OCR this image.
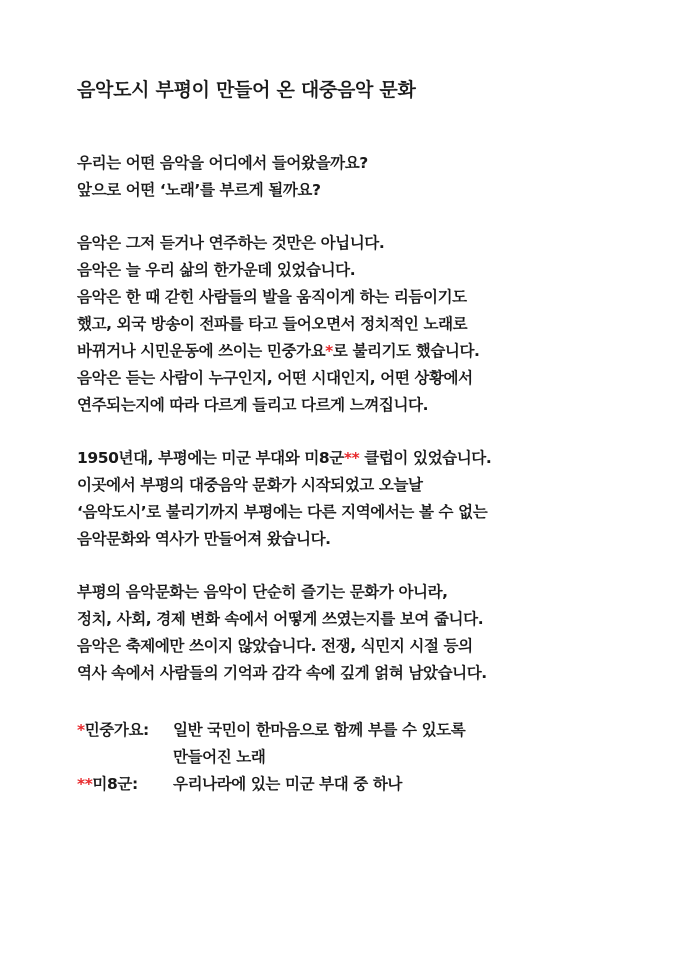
음악도시 부평이 만들어 온 대중음악 문화
우리는 어떤 음악을 어디에서 들어왔을까요?
앞으로 어떤 ‘노래’를 부르게 될까요?
음악은 그저 듣거나 연주하는 것만은 아닙니다.
음악은 늘 우리 삶의 한가운데 있었습니다.
음악은 한 때 갇힌 사람들의 발을 움직이게 하는 리듬이기도
했고, 외국 방송이 전파를 타고 들어오면서 정치적인 노래로
바뀌거나 시민운동에 쓰이는 민중가요*로 불리기도 했습니다.
음악은 듣는 사람이 누구인지, 어떤 시대인지, 어떤 상황에서
연주되는지에 따라 다르게 들리고 다르게 느껴집니다.
1950년대, 부평에는 미군 부대와 미8군** 클럽이 있었습니다.
이곳에서 부평의 대중음악 문화가 시작되었고 오늘날
‘음악도시’로 불리기까지 부평에는 다른 지역에서는 볼 수 없는
음악문화와 역사가 만들어져 왔습니다.
부평의 음악문화는 음악이 단순히 즐기는 문화가 아니라,
정치, 사회, 경제 변화 속에서 어떻게 쓰였는지를 보여 줍니다.
음악은 축제에만 쓰이지 않았습니다. 전쟁, 식민지 시절 등의
역사 속에서 사람들의 기억과 감각 속에 깊게 얽혀 남았습니다.
*민중가요:	일반 국민이 한마음으로 함께 부를 수 있도록
만들어진 노래
**미8군:	우리나라에 있는 미군 부대 중 하나
